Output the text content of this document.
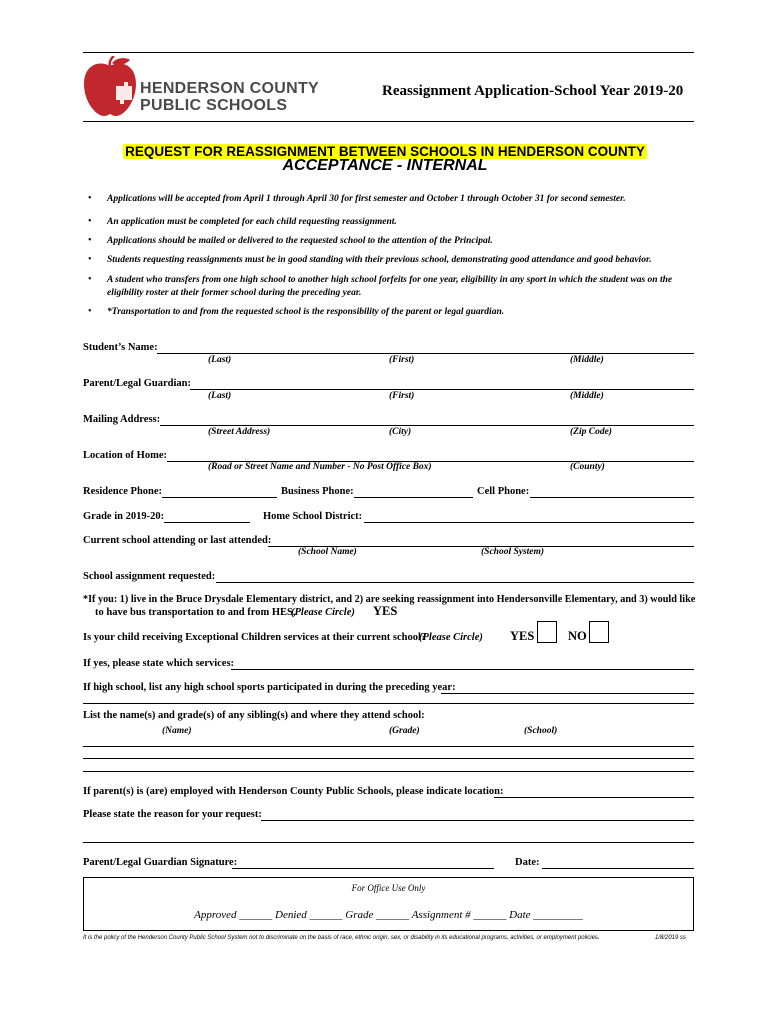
HENDERSON COUNTY
PUBLIC SCHOOLS
Reassignment Application-School Year 2019-20
REQUEST FOR REASSIGNMENT BETWEEN SCHOOLS IN HENDERSON COUNTY
ACCEPTANCE - INTERNAL
• Applications will be accepted from April 1 through April 30 for first semester and October 1 through October 31 for second semester.
• An application must be completed for each child requesting reassignment.
• Applications should be mailed or delivered to the requested school to the attention of the Principal.
• Students requesting reassignments must be in good standing with their previous school, demonstrating good attendance and good behavior.
• A student who transfers from one high school to another high school forfeits for one year, eligibility in any sport in which the student was on the eligibility roster at their former school during the preceding year.
• *Transportation to and from the requested school is the responsibility of the parent or legal guardian.
Student’s Name:
(Last)	(First)	(Middle)
Parent/Legal Guardian:
(Last)	(First)	(Middle)
Mailing Address:
(Street Address)	(City)	(Zip Code)
Location of Home:
(Road or Street Name and Number - No Post Office Box)	(County)
Residence Phone:	Business Phone:	Cell Phone:
Grade in 2019-20:	Home School District:
Current school attending or last attended:
(School Name)	(School System)
School assignment requested:
*If you: 1) live in the Bruce Drysdale Elementary district, and 2) are seeking reassignment into Hendersonville Elementary, and 3) would like
to have bus transportation to and from HES,
(Please Circle) YES
Is your child receiving Exceptional Children services at their current school?
(Please Circle) YES	NO
If yes, please state which services:
If high school, list any high school sports participated in during the preceding year:
List the name(s) and grade(s) of any sibling(s) and where they attend school:
(Name)	(Grade)	(School)
If parent(s) is (are) employed with Henderson County Public Schools, please indicate location:
Please state the reason for your request:
Parent/Legal Guardian Signature:	Date:
For Office Use Only
Approved ______ Denied ______ Grade ______ Assignment # ______ Date _________
It is the policy of the Henderson County Public School System not to discriminate on the basis of race, ethnic origin, sex, or disability in its educational programs, activities, or employment policies.	1/8/2019 ss
